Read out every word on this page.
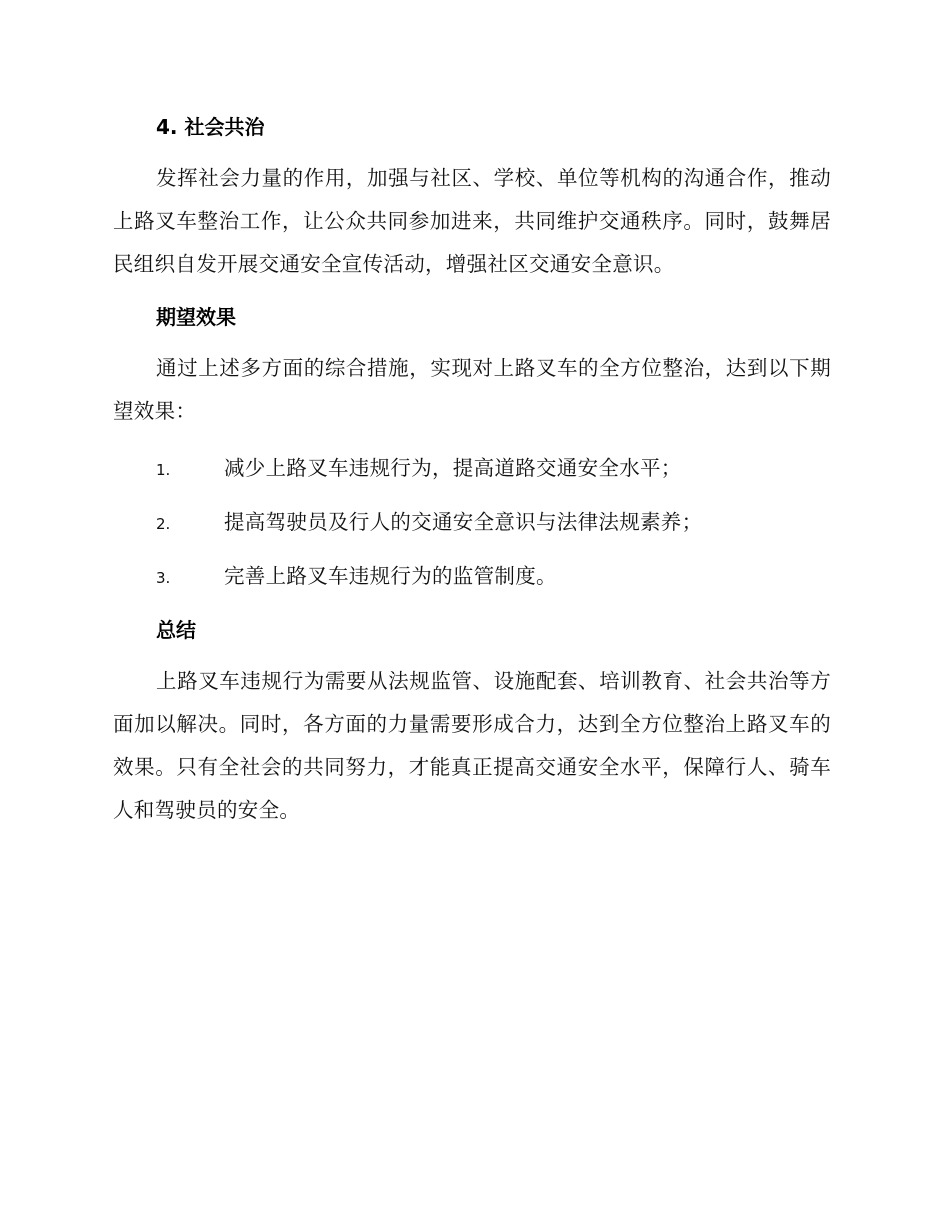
4. 社会共治

发挥社会力量的作用，加强与社区、学校、单位等机构的沟通合作，推动上路叉车整治工作，让公众共同参加进来，共同维护交通秩序。同时，鼓舞居民组织自发开展交通安全宣传活动，增强社区交通安全意识。

期望效果

通过上述多方面的综合措施，实现对上路叉车的全方位整治，达到以下期望效果：

1.	减少上路叉车违规行为，提高道路交通安全水平；
2.	提高驾驶员及行人的交通安全意识与法律法规素养；
3.	完善上路叉车违规行为的监管制度。
总结

上路叉车违规行为需要从法规监管、设施配套、培训教育、社会共治等方面加以解决。同时，各方面的力量需要形成合力，达到全方位整治上路叉车的效果。只有全社会的共同努力，才能真正提高交通安全水平，保障行人、骑车人和驾驶员的安全。
